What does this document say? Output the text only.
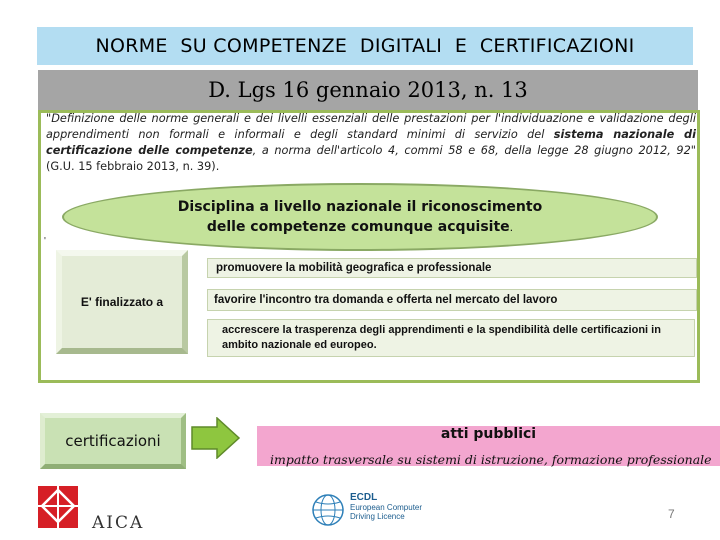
NORME  SU COMPETENZE  DIGITALI  E  CERTIFICAZIONI
D. Lgs 16 gennaio 2013, n. 13
"Definizione delle norme generali e dei livelli essenziali delle prestazioni per l'individuazione e validazione degli apprendimenti non formali e informali e degli standard minimi di servizio del sistema nazionale di certificazione delle competenze, a norma dell'articolo 4, commi 58 e 68, della legge 28 giugno 2012, 92" (G.U. 15 febbraio 2013, n. 39).
Disciplina a livello nazionale il riconoscimento
delle competenze comunque acquisite.
'
E' finalizzato a
promuovere la mobilità geografica e professionale
favorire l'incontro tra domanda e offerta nel mercato del lavoro
accrescere la trasperenza degli apprendimenti e la spendibilità delle certificazioni in ambito nazionale ed europeo.
certificazioni	atti pubblici
impatto trasversale su sistemi di istruzione, formazione professionale
AICA
ECDL
European Computer
Driving Licence	7
